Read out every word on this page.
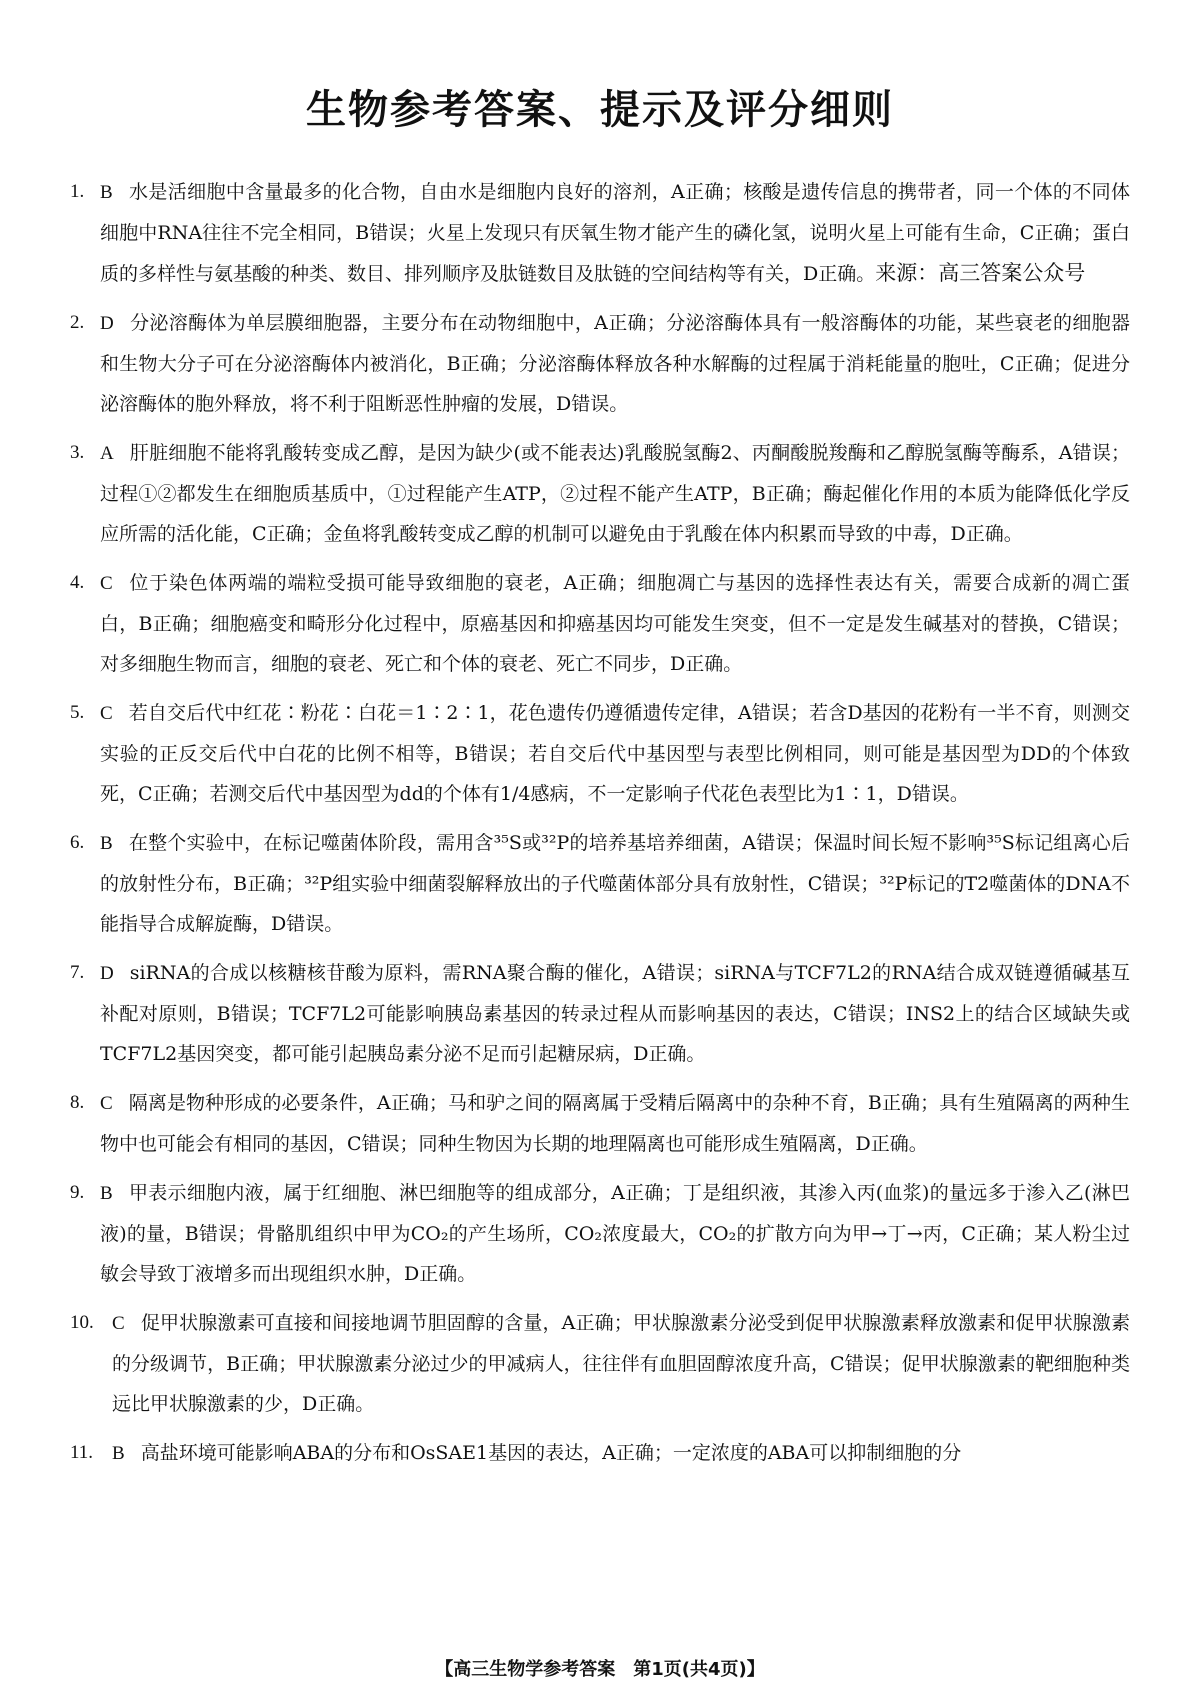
生物参考答案、提示及评分细则
1. B 水是活细胞中含量最多的化合物，自由水是细胞内良好的溶剂，A正确；核酸是遗传信息的携带者，同一个体的不同体细胞中RNA往往不完全相同，B错误；火星上发现只有厌氧生物才能产生的磷化氢，说明火星上可能有生命，C正确；蛋白质的多样性与氨基酸的种类、数目、排列顺序及肽链数目及肽链的空间结构等有关，D正确。来源：高三答案公众号
2. D 分泌溶酶体为单层膜细胞器，主要分布在动物细胞中，A正确；分泌溶酶体具有一般溶酶体的功能，某些衰老的细胞器和生物大分子可在分泌溶酶体内被消化，B正确；分泌溶酶体释放各种水解酶的过程属于消耗能量的胞吐，C正确；促进分泌溶酶体的胞外释放，将不利于阻断恶性肿瘤的发展，D错误。
3. A 肝脏细胞不能将乳酸转变成乙醇，是因为缺少(或不能表达)乳酸脱氢酶2、丙酮酸脱羧酶和乙醇脱氢酶等酶系，A错误；过程①②都发生在细胞质基质中，①过程能产生ATP，②过程不能产生ATP，B正确；酶起催化作用的本质为能降低化学反应所需的活化能，C正确；金鱼将乳酸转变成乙醇的机制可以避免由于乳酸在体内积累而导致的中毒，D正确。
4. C 位于染色体两端的端粒受损可能导致细胞的衰老，A正确；细胞凋亡与基因的选择性表达有关，需要合成新的凋亡蛋白，B正确；细胞癌变和畸形分化过程中，原癌基因和抑癌基因均可能发生突变，但不一定是发生碱基对的替换，C错误；对多细胞生物而言，细胞的衰老、死亡和个体的衰老、死亡不同步，D正确。
5. C 若自交后代中红花∶粉花∶白花＝1∶2∶1，花色遗传仍遵循遗传定律，A错误；若含D基因的花粉有一半不育，则测交实验的正反交后代中白花的比例不相等，B错误；若自交后代中基因型与表型比例相同，则可能是基因型为DD的个体致死，C正确；若测交后代中基因型为dd的个体有1/4感病，不一定影响子代花色表型比为1∶1，D错误。
6. B 在整个实验中，在标记噬菌体阶段，需用含³⁵S或³²P的培养基培养细菌，A错误；保温时间长短不影响³⁵S标记组离心后的放射性分布，B正确；³²P组实验中细菌裂解释放出的子代噬菌体部分具有放射性，C错误；³²P标记的T2噬菌体的DNA不能指导合成解旋酶，D错误。
7. D siRNA的合成以核糖核苷酸为原料，需RNA聚合酶的催化，A错误；siRNA与TCF7L2的RNA结合成双链遵循碱基互补配对原则，B错误；TCF7L2可能影响胰岛素基因的转录过程从而影响基因的表达，C错误；INS2上的结合区域缺失或TCF7L2基因突变，都可能引起胰岛素分泌不足而引起糖尿病，D正确。
8. C 隔离是物种形成的必要条件，A正确；马和驴之间的隔离属于受精后隔离中的杂种不育，B正确；具有生殖隔离的两种生物中也可能会有相同的基因，C错误；同种生物因为长期的地理隔离也可能形成生殖隔离，D正确。
9. B 甲表示细胞内液，属于红细胞、淋巴细胞等的组成部分，A正确；丁是组织液，其渗入丙(血浆)的量远多于渗入乙(淋巴液)的量，B错误；骨骼肌组织中甲为CO₂的产生场所，CO₂浓度最大，CO₂的扩散方向为甲→丁→丙，C正确；某人粉尘过敏会导致丁液增多而出现组织水肿，D正确。
10. C 促甲状腺激素可直接和间接地调节胆固醇的含量，A正确；甲状腺激素分泌受到促甲状腺激素释放激素和促甲状腺激素的分级调节，B正确；甲状腺激素分泌过少的甲减病人，往往伴有血胆固醇浓度升高，C错误；促甲状腺激素的靶细胞种类远比甲状腺激素的少，D正确。
11. B 高盐环境可能影响ABA的分布和OsSAE1基因的表达，A正确；一定浓度的ABA可以抑制细胞的分
【高三生物学参考答案　第1页(共4页)】
